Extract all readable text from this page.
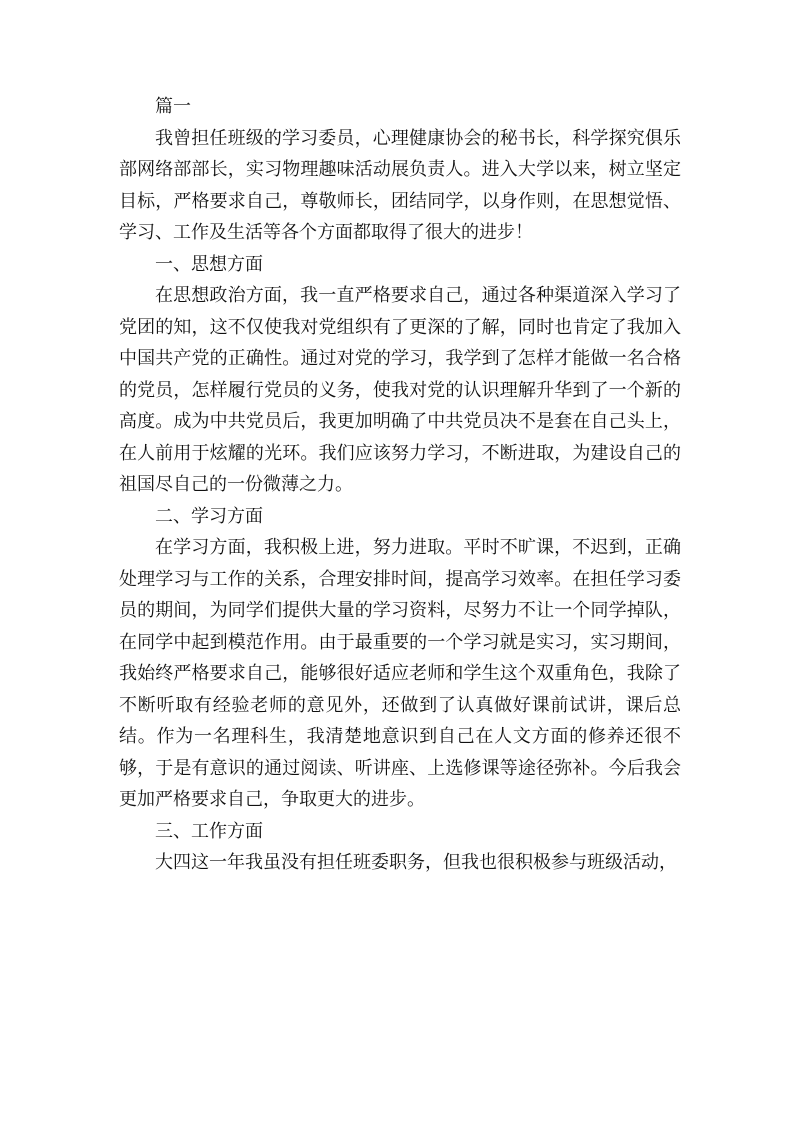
篇一

我曾担任班级的学习委员，心理健康协会的秘书长，科学探究俱乐部网络部部长，实习物理趣味活动展负责人。进入大学以来，树立坚定目标，严格要求自己，尊敬师长，团结同学，以身作则，在思想觉悟、学习、工作及生活等各个方面都取得了很大的进步！

一、思想方面

在思想政治方面，我一直严格要求自己，通过各种渠道深入学习了党团的知，这不仅使我对党组织有了更深的了解，同时也肯定了我加入中国共产党的正确性。通过对党的学习，我学到了怎样才能做一名合格的党员，怎样履行党员的义务，使我对党的认识理解升华到了一个新的高度。成为中共党员后，我更加明确了中共党员决不是套在自己头上，在人前用于炫耀的光环。我们应该努力学习，不断进取，为建设自己的祖国尽自己的一份微薄之力。

二、学习方面

在学习方面，我积极上进，努力进取。平时不旷课，不迟到，正确处理学习与工作的关系，合理安排时间，提高学习效率。在担任学习委员的期间，为同学们提供大量的学习资料，尽努力不让一个同学掉队，在同学中起到模范作用。由于最重要的一个学习就是实习，实习期间，我始终严格要求自己，能够很好适应老师和学生这个双重角色，我除了不断听取有经验老师的意见外，还做到了认真做好课前试讲，课后总结。作为一名理科生，我清楚地意识到自己在人文方面的修养还很不够，于是有意识的通过阅读、听讲座、上选修课等途径弥补。今后我会更加严格要求自己，争取更大的进步。

三、工作方面

大四这一年我虽没有担任班委职务，但我也很积极参与班级活动，
